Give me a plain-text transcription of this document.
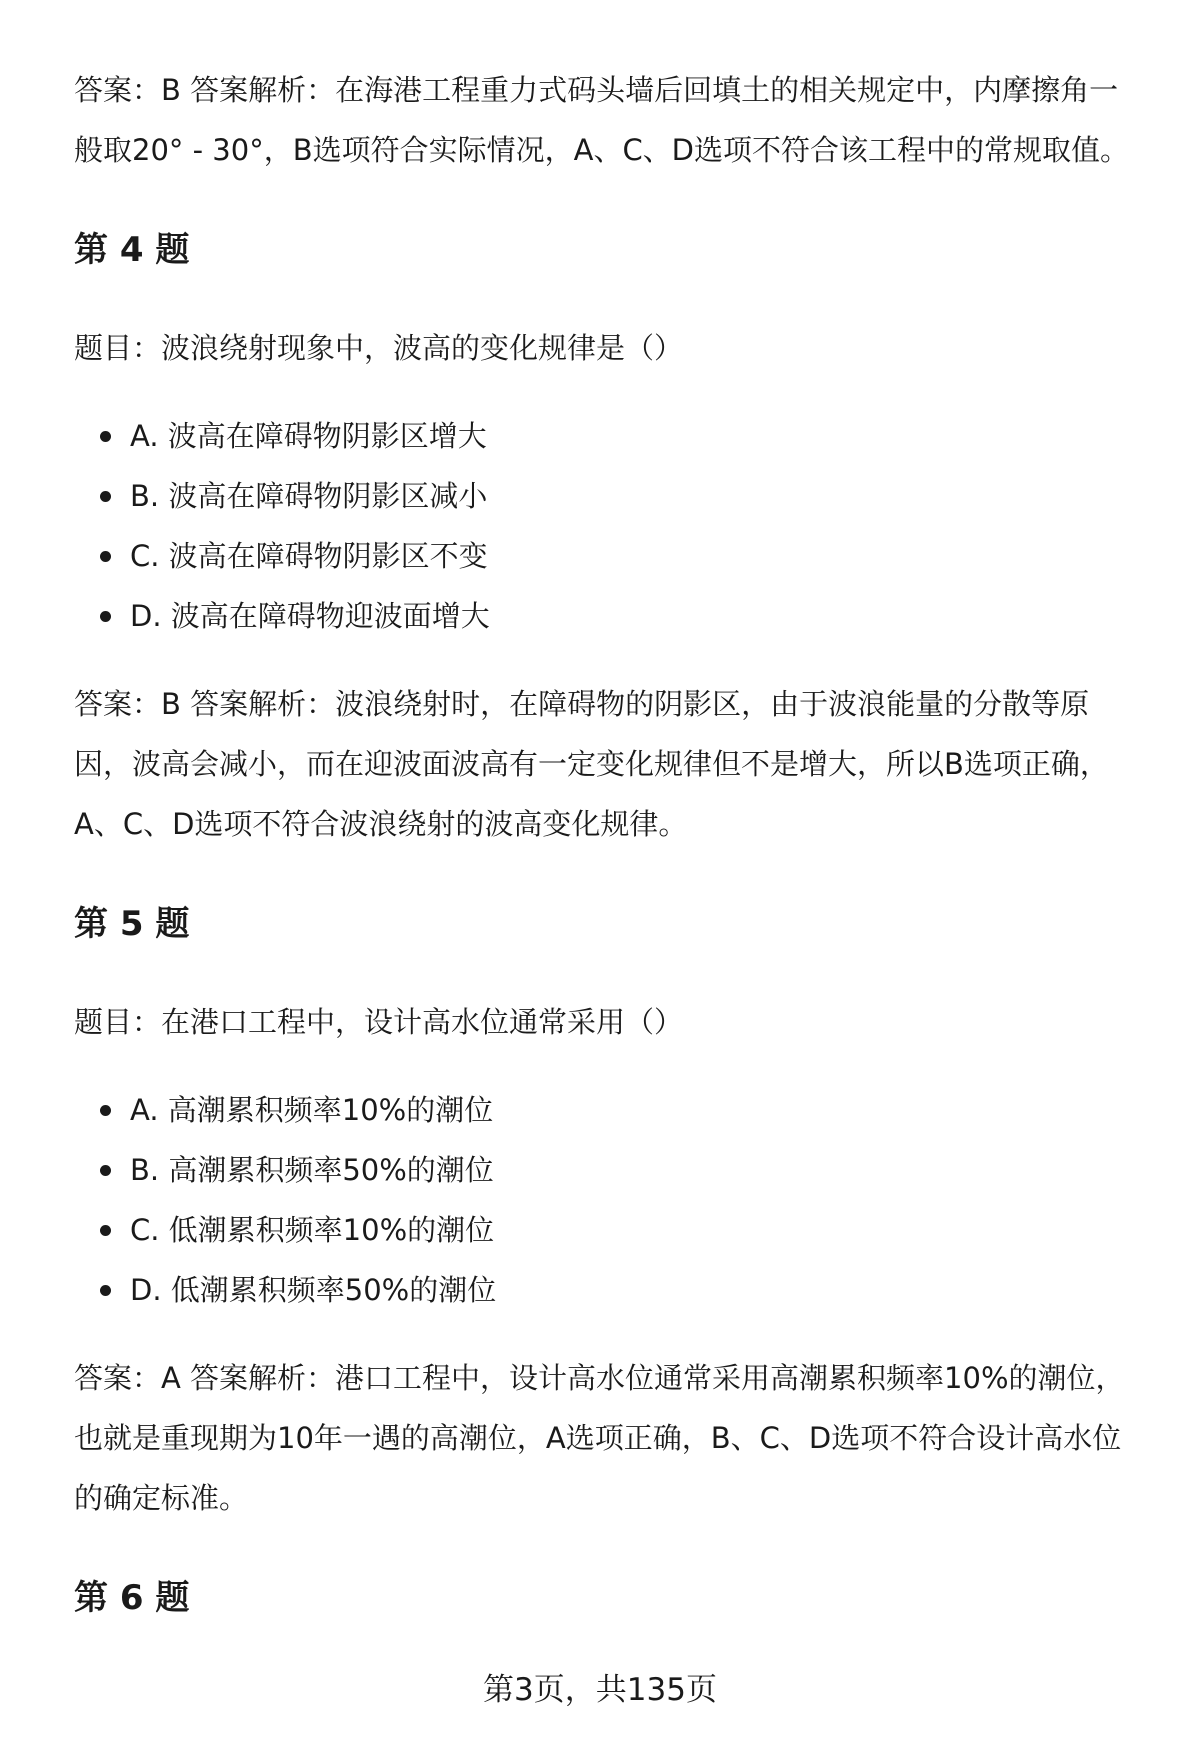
答案：B 答案解析：在海港工程重力式码头墙后回填土的相关规定中，内摩擦角一般取20° - 30°，B选项符合实际情况，A、C、D选项不符合该工程中的常规取值。

第 4 题

题目：波浪绕射现象中，波高的变化规律是（）

A. 波高在障碍物阴影区增大
B. 波高在障碍物阴影区减小
C. 波高在障碍物阴影区不变
D. 波高在障碍物迎波面增大

答案：B 答案解析：波浪绕射时，在障碍物的阴影区，由于波浪能量的分散等原因，波高会减小，而在迎波面波高有一定变化规律但不是增大，所以B选项正确，A、C、D选项不符合波浪绕射的波高变化规律。

第 5 题

题目：在港口工程中，设计高水位通常采用（）

A. 高潮累积频率10%的潮位
B. 高潮累积频率50%的潮位
C. 低潮累积频率10%的潮位
D. 低潮累积频率50%的潮位

答案：A 答案解析：港口工程中，设计高水位通常采用高潮累积频率10%的潮位，也就是重现期为10年一遇的高潮位，A选项正确，B、C、D选项不符合设计高水位的确定标准。

第 6 题
第3页，共135页
